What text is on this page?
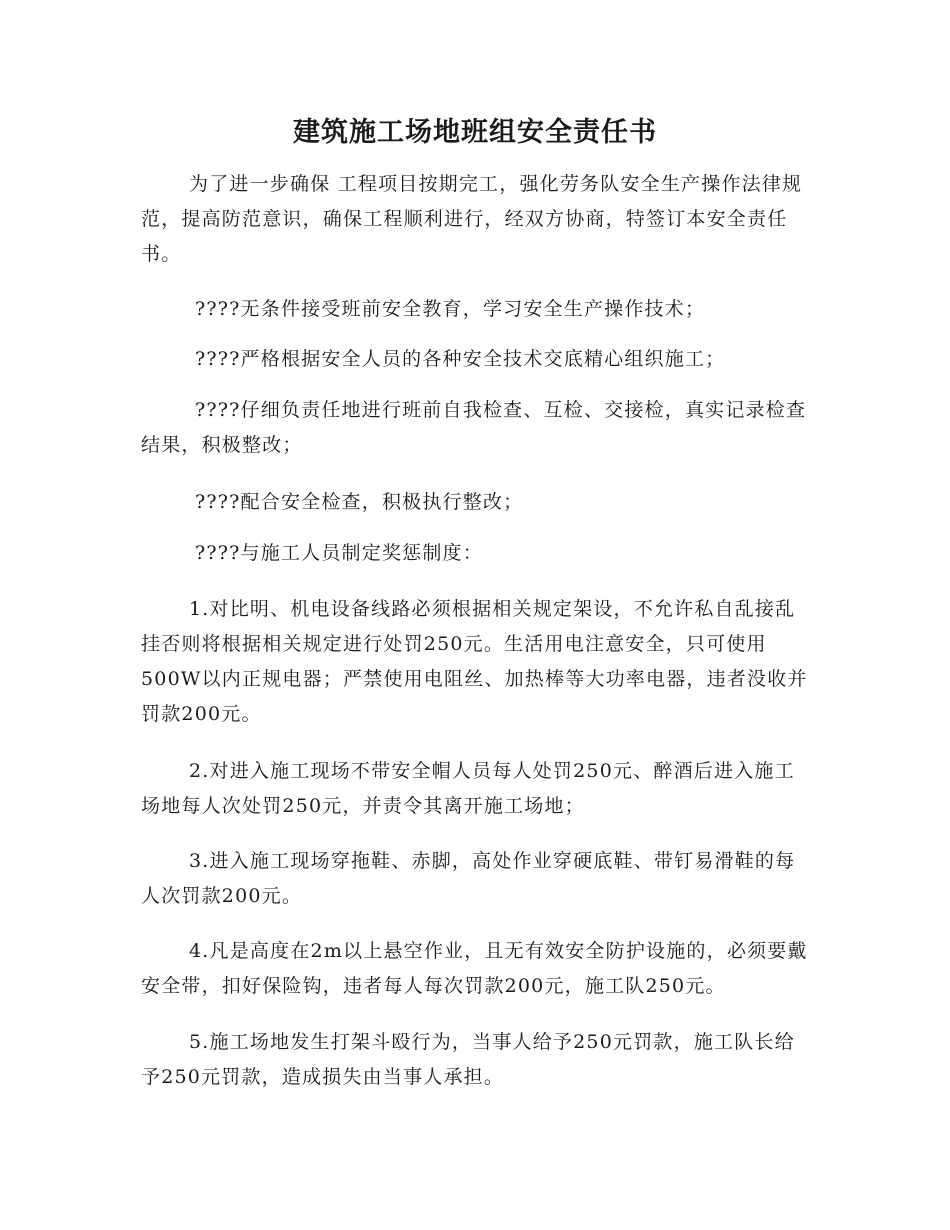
建筑施工场地班组安全责任书

为了进一步确保 工程项目按期完工，强化劳务队安全生产操作法律规范，提高防范意识，确保工程顺利进行，经双方协商，特签订本安全责任书。

????无条件接受班前安全教育，学习安全生产操作技术；

????严格根据安全人员的各种安全技术交底精心组织施工；

????仔细负责任地进行班前自我检查、互检、交接检，真实记录检查结果，积极整改；

????配合安全检查，积极执行整改；

????与施工人员制定奖惩制度：

1.对比明、机电设备线路必须根据相关规定架设，不允许私自乱接乱挂否则将根据相关规定进行处罚250元。生活用电注意安全，只可使用500W以内正规电器；严禁使用电阻丝、加热棒等大功率电器，违者没收并罚款200元。

2.对进入施工现场不带安全帽人员每人处罚250元、醉酒后进入施工场地每人次处罚250元，并责令其离开施工场地；

3.进入施工现场穿拖鞋、赤脚，高处作业穿硬底鞋、带钉易滑鞋的每人次罚款200元。

4.凡是高度在2m以上悬空作业，且无有效安全防护设施的，必须要戴安全带，扣好保险钩，违者每人每次罚款200元，施工队250元。

5.施工场地发生打架斗殴行为，当事人给予250元罚款，施工队长给予250元罚款，造成损失由当事人承担。
